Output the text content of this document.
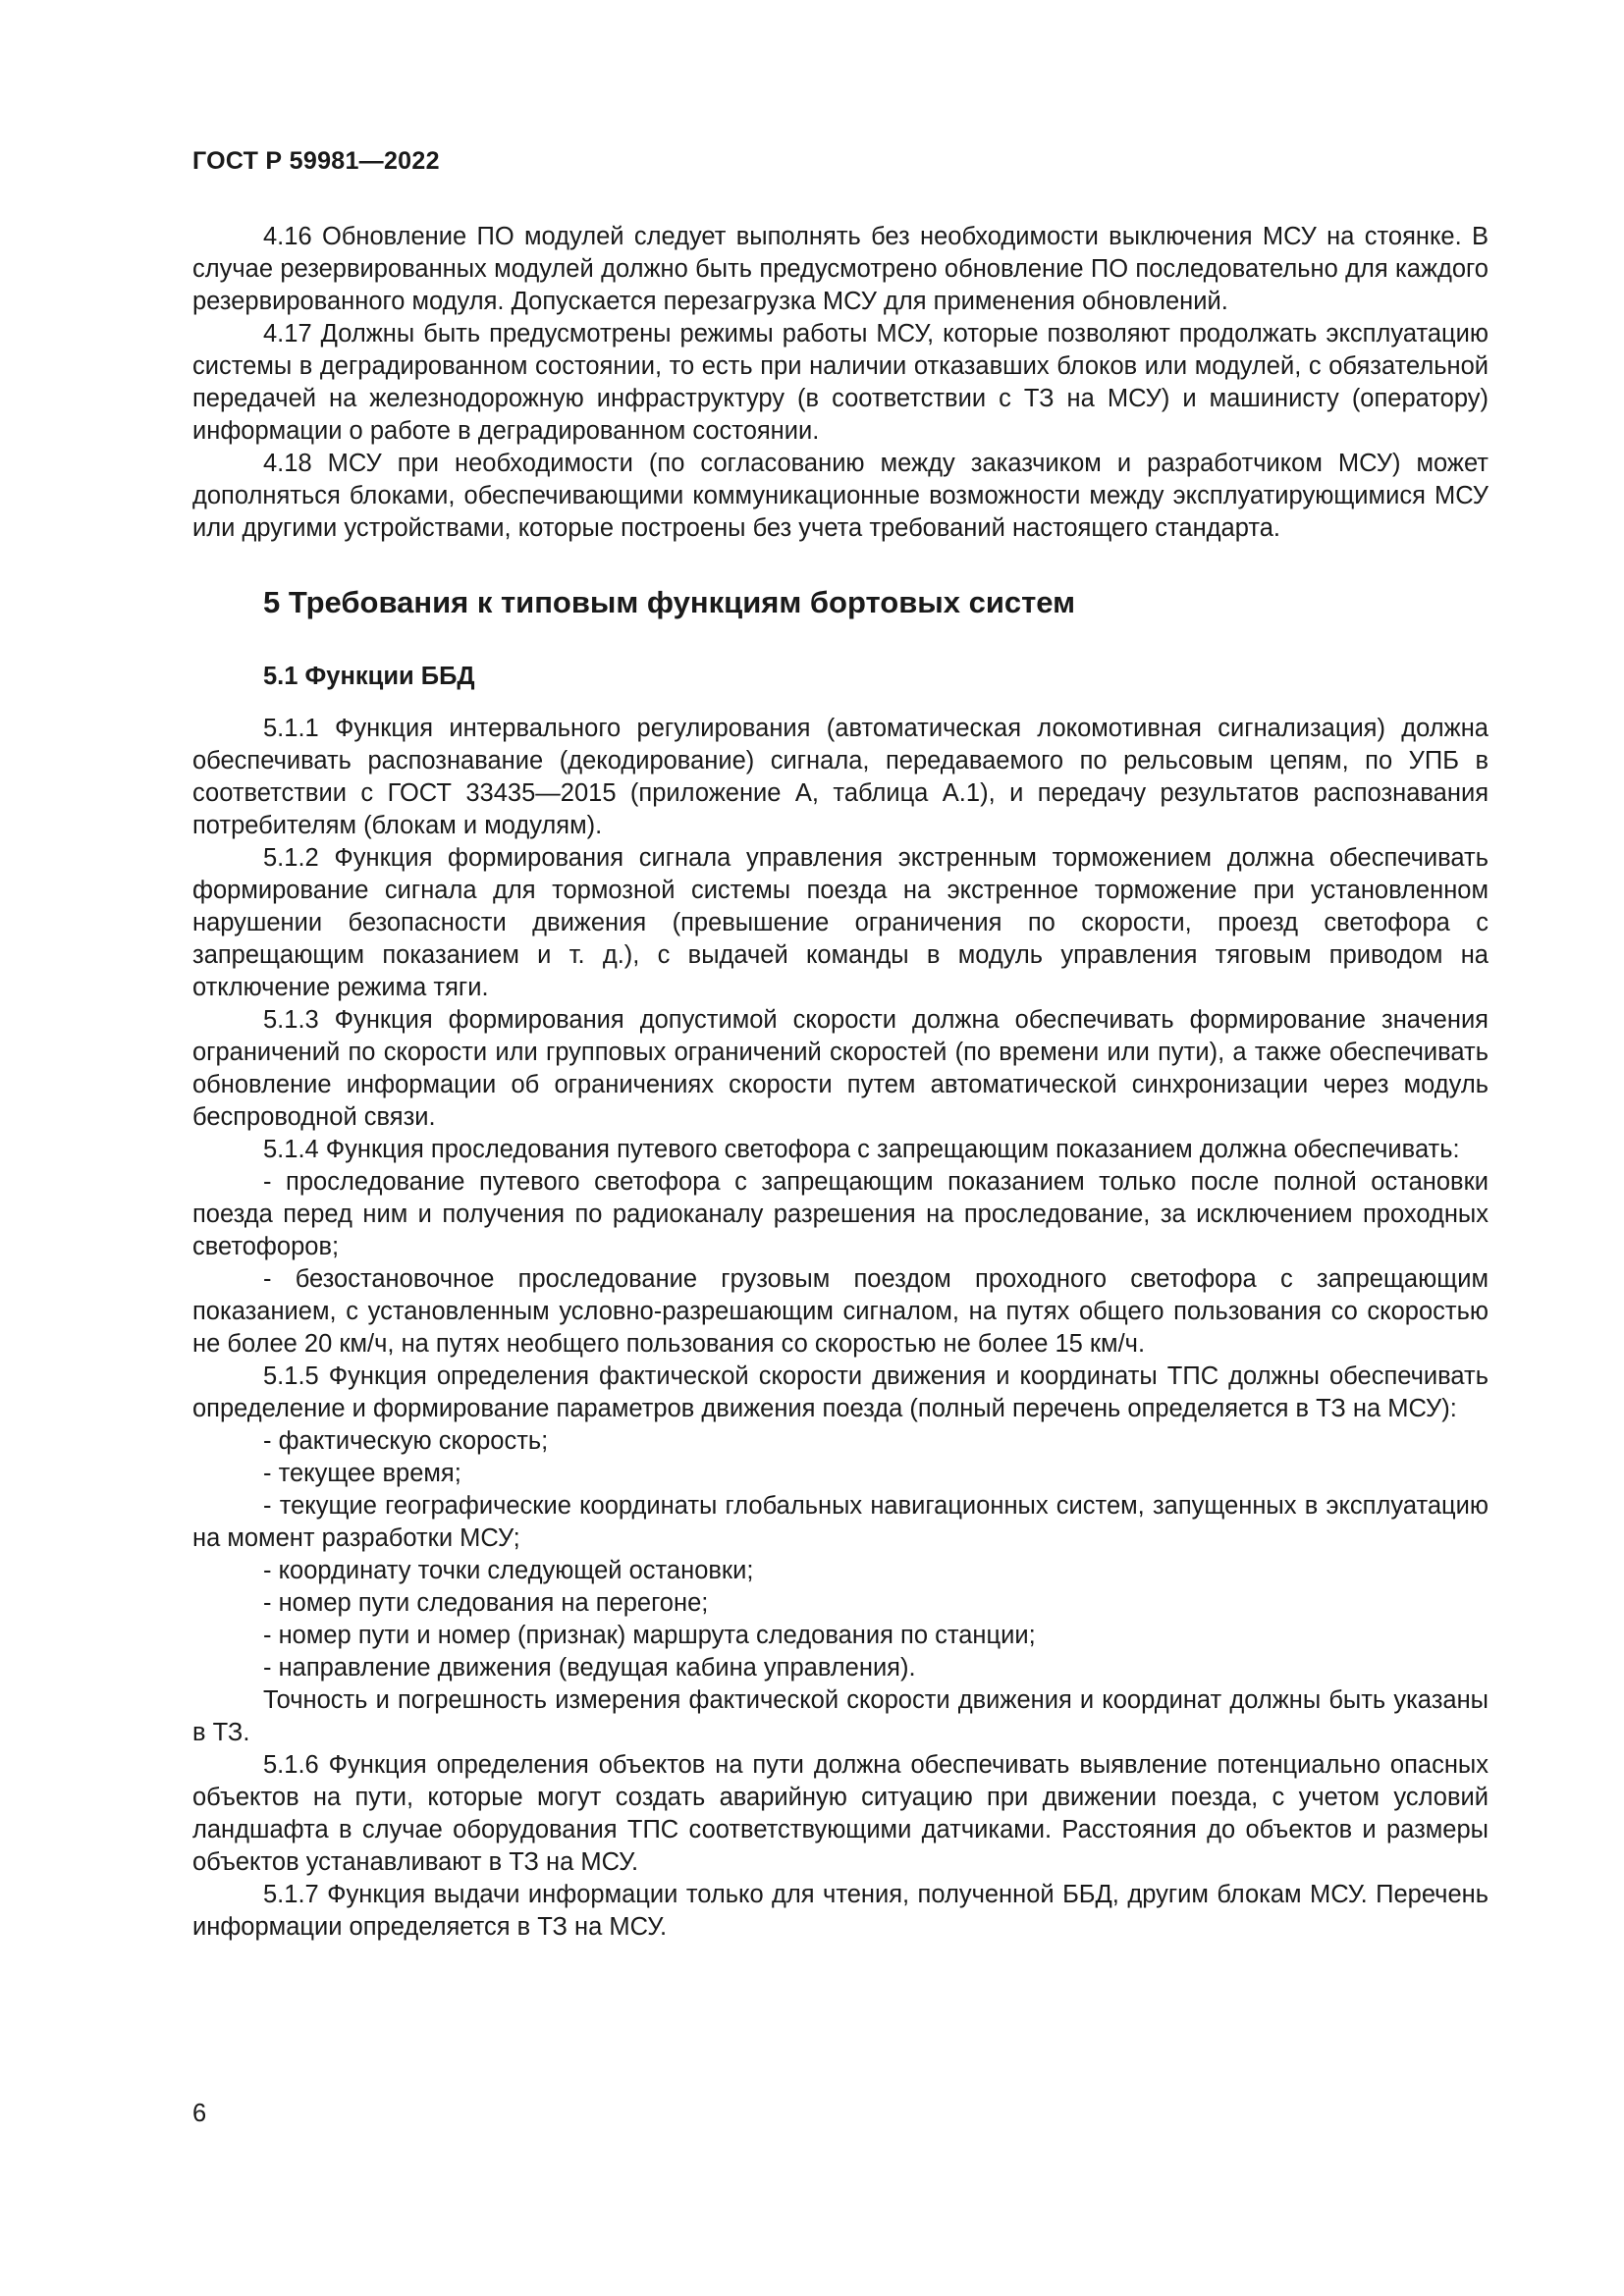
ГОСТ Р 59981—2022

4.16 Обновление ПО модулей следует выполнять без необходимости выключения МСУ на стоянке. В случае резервированных модулей должно быть предусмотрено обновление ПО последовательно для каждого резервированного модуля. Допускается перезагрузка МСУ для применения обновлений.

4.17 Должны быть предусмотрены режимы работы МСУ, которые позволяют продолжать эксплуатацию системы в деградированном состоянии, то есть при наличии отказавших блоков или модулей, с обязательной передачей на железнодорожную инфраструктуру (в соответствии с ТЗ на МСУ) и машинисту (оператору) информации о работе в деградированном состоянии.

4.18 МСУ при необходимости (по согласованию между заказчиком и разработчиком МСУ) может дополняться блоками, обеспечивающими коммуникационные возможности между эксплуатирующимися МСУ или другими устройствами, которые построены без учета требований настоящего стандарта.

5 Требования к типовым функциям бортовых систем
5.1 Функции ББД

5.1.1 Функция интервального регулирования (автоматическая локомотивная сигнализация) должна обеспечивать распознавание (декодирование) сигнала, передаваемого по рельсовым цепям, по УПБ в соответствии с ГОСТ 33435—2015 (приложение А, таблица А.1), и передачу результатов распознавания потребителям (блокам и модулям).

5.1.2 Функция формирования сигнала управления экстренным торможением должна обеспечивать формирование сигнала для тормозной системы поезда на экстренное торможение при установленном нарушении безопасности движения (превышение ограничения по скорости, проезд светофора с запрещающим показанием и т. д.), с выдачей команды в модуль управления тяговым приводом на отключение режима тяги.

5.1.3 Функция формирования допустимой скорости должна обеспечивать формирование значения ограничений по скорости или групповых ограничений скоростей (по времени или пути), а также обеспечивать обновление информации об ограничениях скорости путем автоматической синхронизации через модуль беспроводной связи.

5.1.4 Функция проследования путевого светофора с запрещающим показанием должна обеспечивать:

- проследование путевого светофора с запрещающим показанием только после полной остановки поезда перед ним и получения по радиоканалу разрешения на проследование, за исключением проходных светофоров;

- безостановочное проследование грузовым поездом проходного светофора с запрещающим показанием, с установленным условно-разрешающим сигналом, на путях общего пользования со скоростью не более 20 км/ч, на путях необщего пользования со скоростью не более 15 км/ч.

5.1.5 Функция определения фактической скорости движения и координаты ТПС должны обеспечивать определение и формирование параметров движения поезда (полный перечень определяется в ТЗ на МСУ):

- фактическую скорость;

- текущее время;

- текущие географические координаты глобальных навигационных систем, запущенных в эксплуатацию на момент разработки МСУ;

- координату точки следующей остановки;

- номер пути следования на перегоне;

- номер пути и номер (признак) маршрута следования по станции;

- направление движения (ведущая кабина управления).

Точность и погрешность измерения фактической скорости движения и координат должны быть указаны в ТЗ.

5.1.6 Функция определения объектов на пути должна обеспечивать выявление потенциально опасных объектов на пути, которые могут создать аварийную ситуацию при движении поезда, с учетом условий ландшафта в случае оборудования ТПС соответствующими датчиками. Расстояния до объектов и размеры объектов устанавливают в ТЗ на МСУ.

5.1.7 Функция выдачи информации только для чтения, полученной ББД, другим блокам МСУ. Перечень информации определяется в ТЗ на МСУ.

6
